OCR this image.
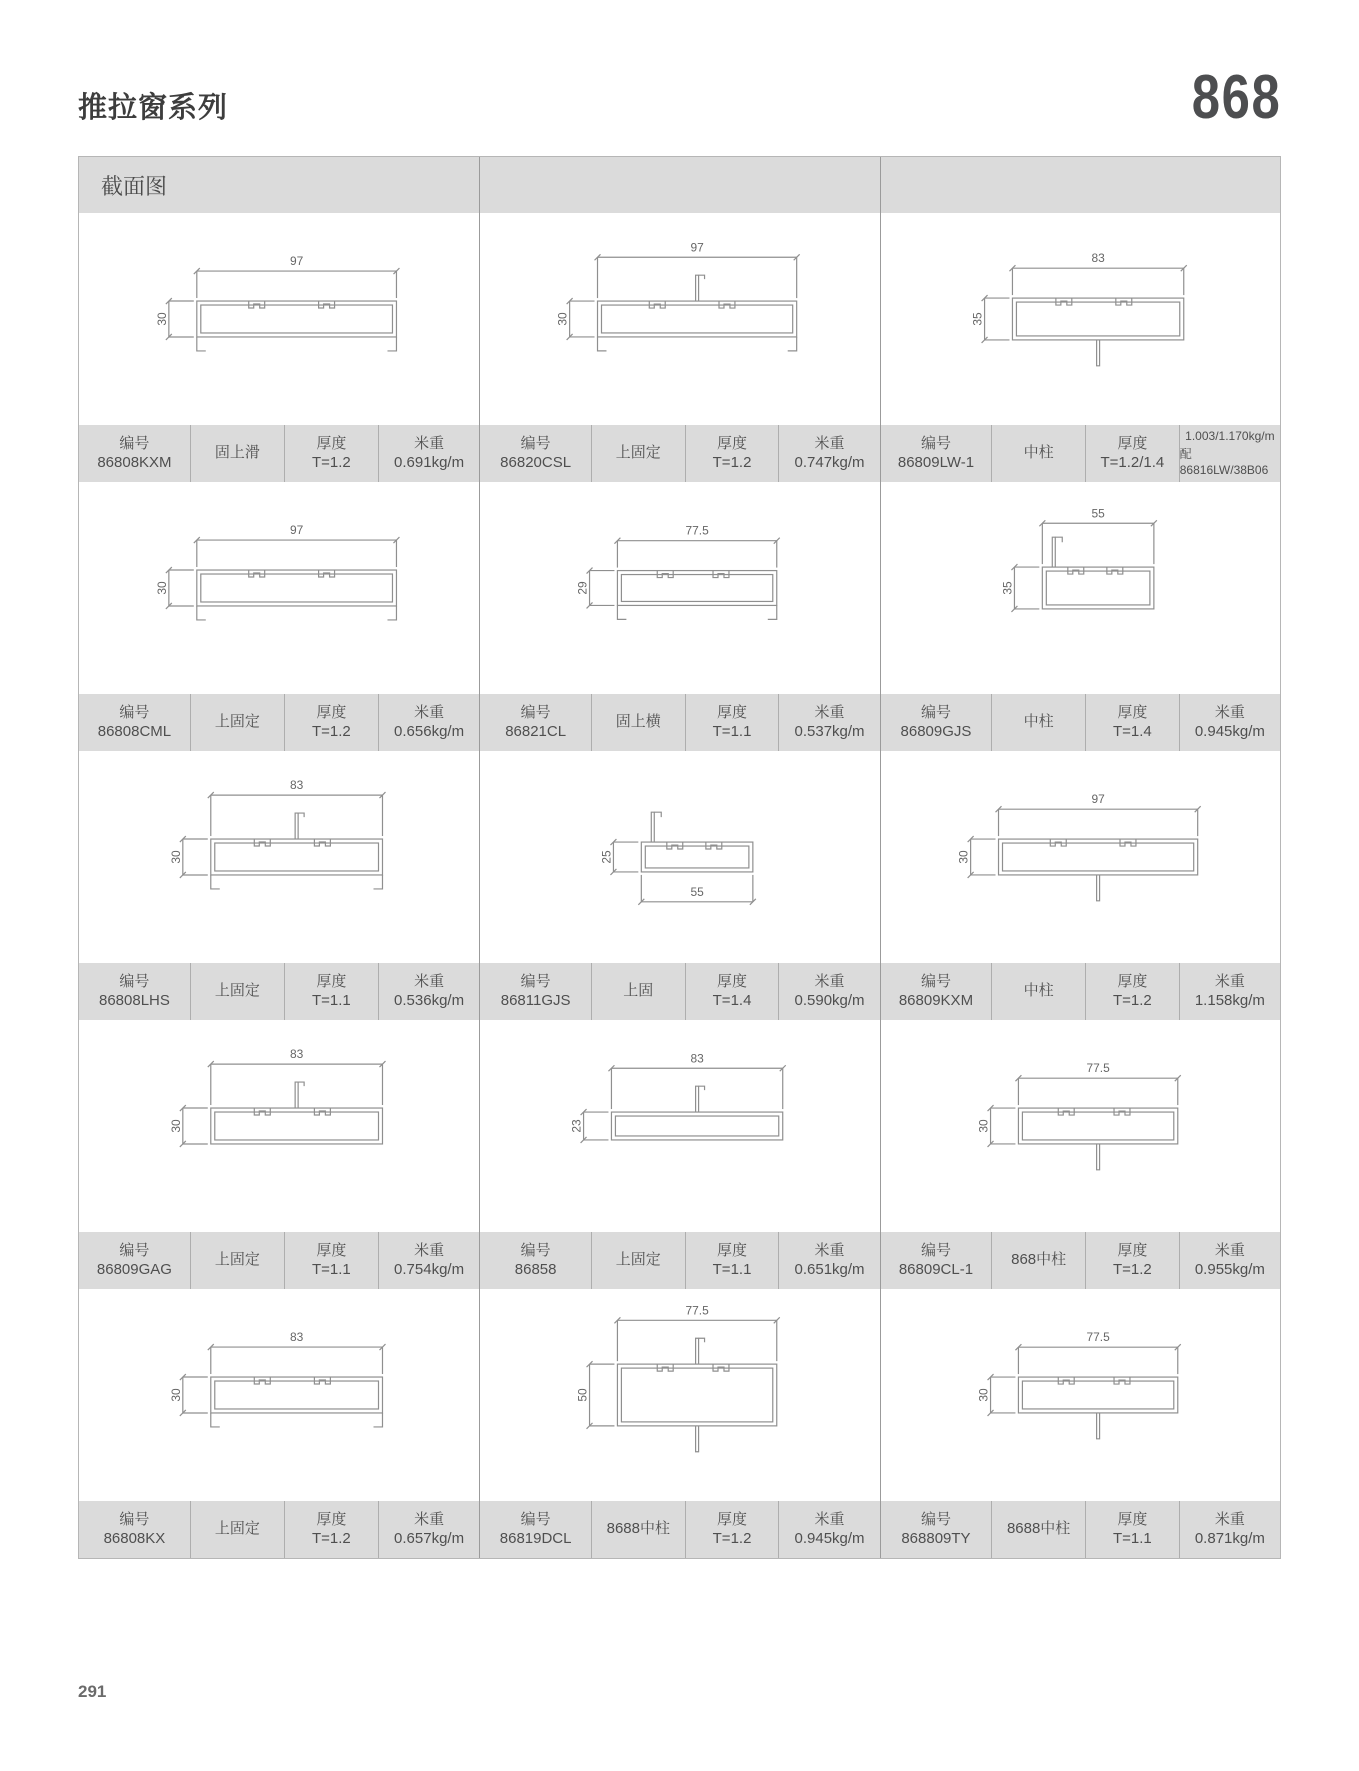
推拉窗系列	868
截面图
97
30
编号
86808KXM
固上滑
厚度
T=1.2
米重
0.691kg/m
97
30
编号
86820CSL
上固定
厚度
T=1.2
米重
0.747kg/m
83
35
编号
86809LW-1
中柱
厚度
T=1.2/1.4
1.003/1.170kg/m
配86816LW/38B06
97
30
编号
86808CML
上固定
厚度
T=1.2
米重
0.656kg/m
77.5
29
编号
86821CL
固上横
厚度
T=1.1
米重
0.537kg/m
55
35
编号
86809GJS
中柱
厚度
T=1.4
米重
0.945kg/m
83
30
编号
86808LHS
上固定
厚度
T=1.1
米重
0.536kg/m
55
25
编号
86811GJS
上固
厚度
T=1.4
米重
0.590kg/m
97
30
编号
86809KXM
中柱
厚度
T=1.2
米重
1.158kg/m
83
30
编号
86809GAG
上固定
厚度
T=1.1
米重
0.754kg/m
83
23
编号
86858
上固定
厚度
T=1.1
米重
0.651kg/m
77.5
30
编号
86809CL-1
868中柱
厚度
T=1.2
米重
0.955kg/m
83
30
编号
86808KX
上固定
厚度
T=1.2
米重
0.657kg/m
77.5
50
编号
86819DCL
8688中柱
厚度
T=1.2
米重
0.945kg/m
77.5
30
编号
868809TY
8688中柱
厚度
T=1.1
米重
0.871kg/m
291
